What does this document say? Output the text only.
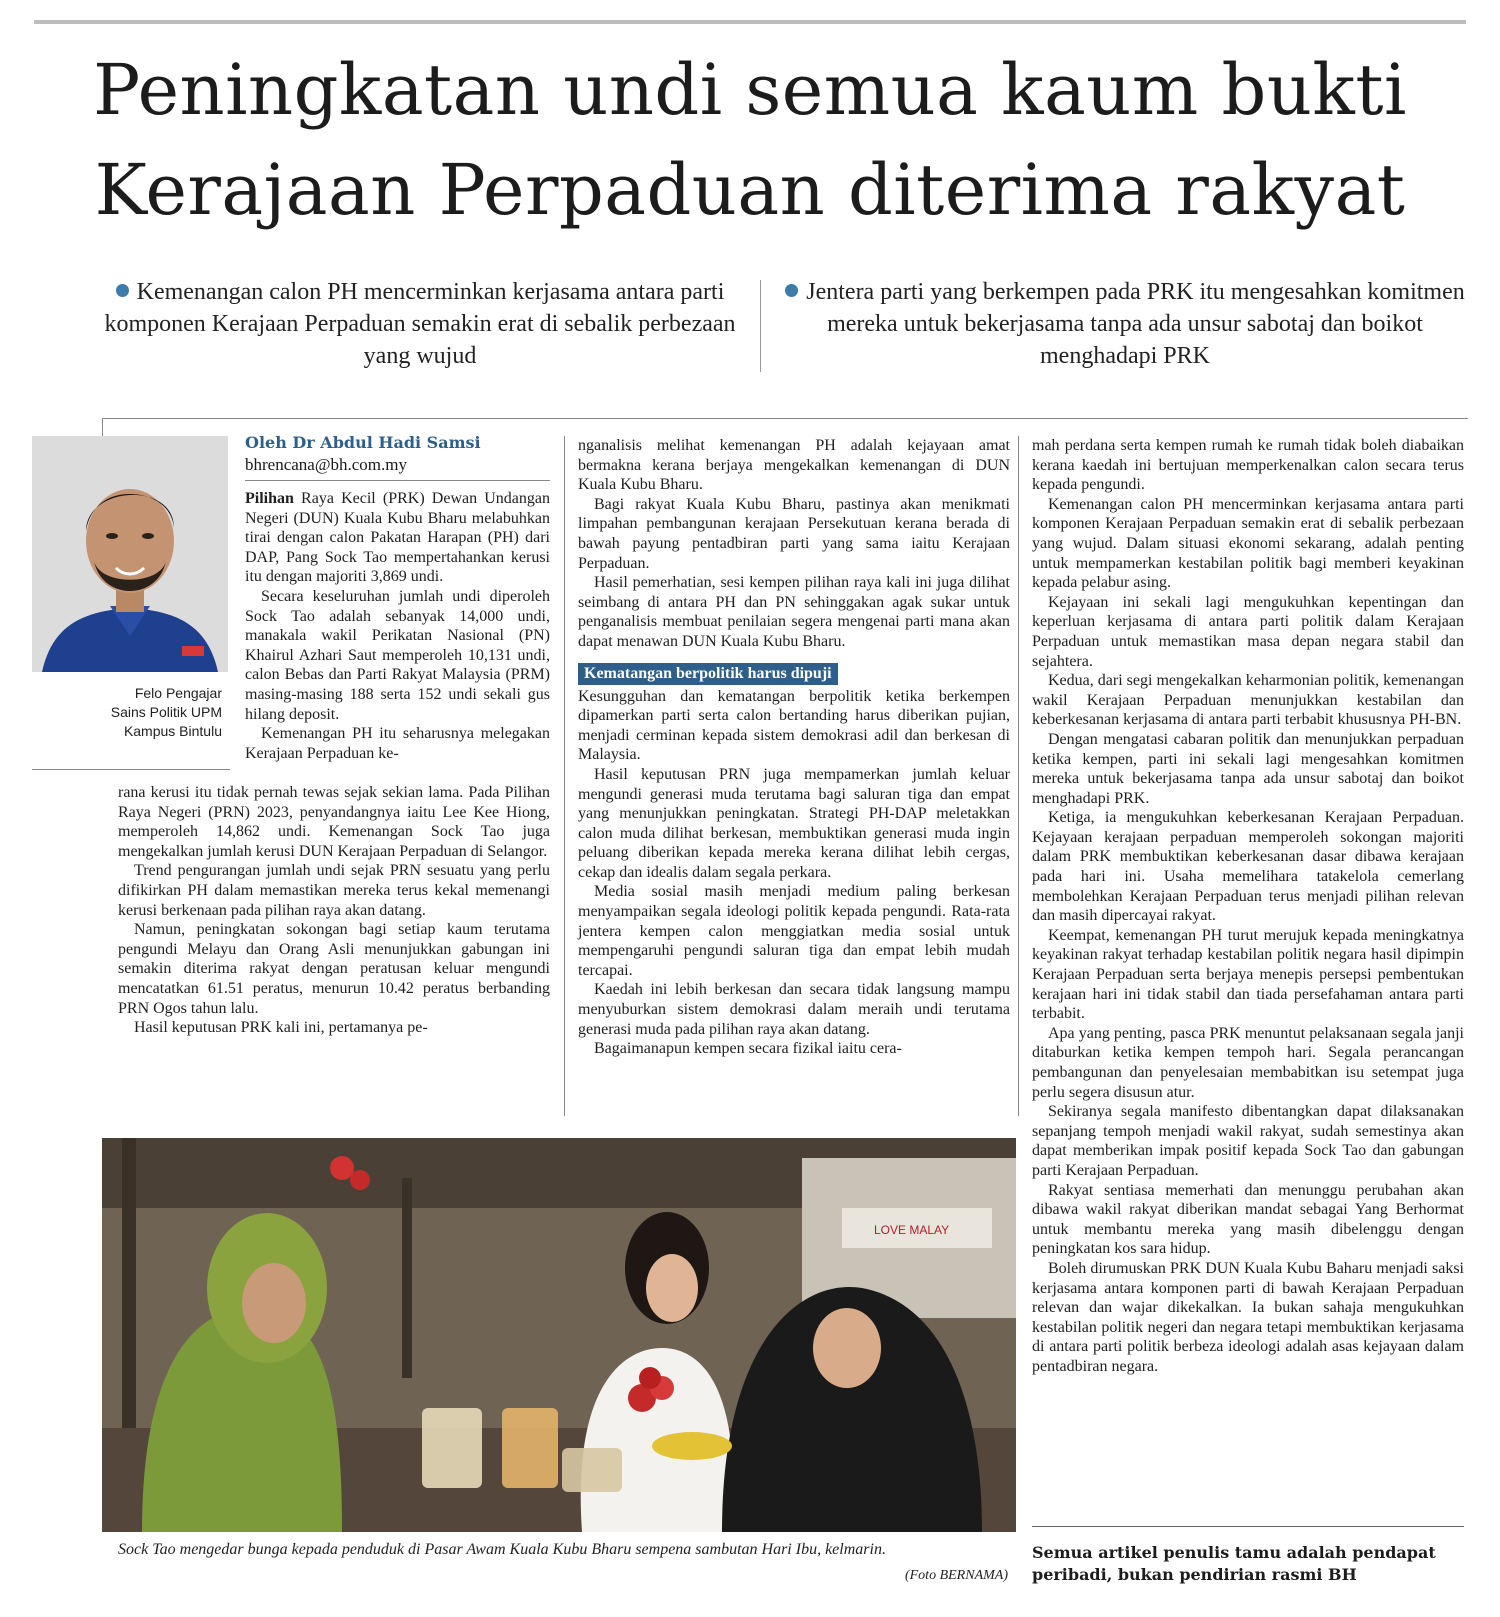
Peningkatan undi semua kaum bukti
Kerajaan Perpaduan diterima rakyat
Kemenangan calon PH mencerminkan kerjasama antara parti komponen Kerajaan Perpaduan semakin erat di sebalik perbezaan yang wujud
Jentera parti yang berkempen pada PRK itu mengesahkan komitmen mereka untuk bekerjasama tanpa ada unsur sabotaj dan boikot menghadapi PRK
Felo Pengajar
Sains Politik UPM
Kampus Bintulu
Oleh Dr Abdul Hadi Samsi
bhrencana@bh.com.my

Pilihan Raya Kecil (PRK) Dewan Undangan Negeri (DUN) Kuala Kubu Bharu melabuhkan tirai dengan calon Pakatan Harapan (PH) dari DAP, Pang Sock Tao mempertahankan kerusi itu dengan majoriti 3,869 undi.

Secara keseluruhan jumlah undi diperoleh Sock Tao adalah sebanyak 14,000 undi, manakala wakil Perikatan Nasional (PN) Khairul Azhari Saut memperoleh 10,131 undi, calon Bebas dan Parti Rakyat Malaysia (PRM) masing-masing 188 serta 152 undi sekali gus hilang deposit.

Kemenangan PH itu seharusnya melegakan Kerajaan Perpaduan ke-

rana kerusi itu tidak pernah tewas sejak sekian lama. Pada Pilihan Raya Negeri (PRN) 2023, penyandangnya iaitu Lee Kee Hiong, memperoleh 14,862 undi. Kemenangan Sock Tao juga mengekalkan jumlah kerusi DUN Kerajaan Perpaduan di Selangor.

Trend pengurangan jumlah undi sejak PRN sesuatu yang perlu difikirkan PH dalam memastikan mereka terus kekal memenangi kerusi berkenaan pada pilihan raya akan datang.

Namun, peningkatan sokongan bagi setiap kaum terutama pengundi Melayu dan Orang Asli menunjukkan gabungan ini semakin diterima rakyat dengan peratusan keluar mengundi mencatatkan 61.51 peratus, menurun 10.42 peratus berbanding PRN Ogos tahun lalu.

Hasil keputusan PRK kali ini, pertamanya pe-

nganalisis melihat kemenangan PH adalah kejayaan amat bermakna kerana berjaya mengekalkan kemenangan di DUN Kuala Kubu Bharu.

Bagi rakyat Kuala Kubu Bharu, pastinya akan menikmati limpahan pembangunan kerajaan Persekutuan kerana berada di bawah payung pentadbiran parti yang sama iaitu Kerajaan Perpaduan.

Hasil pemerhatian, sesi kempen pilihan raya kali ini juga dilihat seimbang di antara PH dan PN sehinggakan agak sukar untuk penganalisis membuat penilaian segera mengenai parti mana akan dapat menawan DUN Kuala Kubu Bharu.

Kematangan berpolitik harus dipuji

Kesungguhan dan kematangan berpolitik ketika berkempen dipamerkan parti serta calon bertanding harus diberikan pujian, menjadi cerminan kepada sistem demokrasi adil dan berkesan di Malaysia.

Hasil keputusan PRN juga mempamerkan jumlah keluar mengundi generasi muda terutama bagi saluran tiga dan empat yang menunjukkan peningkatan. Strategi PH-DAP meletakkan calon muda dilihat berkesan, membuktikan generasi muda ingin peluang diberikan kepada mereka kerana dilihat lebih cergas, cekap dan idealis dalam segala perkara.

Media sosial masih menjadi medium paling berkesan menyampaikan segala ideologi politik kepada pengundi. Rata-rata jentera kempen calon menggiatkan media sosial untuk mempengaruhi pengundi saluran tiga dan empat lebih mudah tercapai.

Kaedah ini lebih berkesan dan secara tidak langsung mampu menyuburkan sistem demokrasi dalam meraih undi terutama generasi muda pada pilihan raya akan datang.

Bagaimanapun kempen secara fizikal iaitu cera-

mah perdana serta kempen rumah ke rumah tidak boleh diabaikan kerana kaedah ini bertujuan memperkenalkan calon secara terus kepada pengundi.

Kemenangan calon PH mencerminkan kerjasama antara parti komponen Kerajaan Perpaduan semakin erat di sebalik perbezaan yang wujud. Dalam situasi ekonomi sekarang, adalah penting untuk mempamerkan kestabilan politik bagi memberi keyakinan kepada pelabur asing.

Kejayaan ini sekali lagi mengukuhkan kepentingan dan keperluan kerjasama di antara parti politik dalam Kerajaan Perpaduan untuk memastikan masa depan negara stabil dan sejahtera.

Kedua, dari segi mengekalkan keharmonian politik, kemenangan wakil Kerajaan Perpaduan menunjukkan kestabilan dan keberkesanan kerjasama di antara parti terbabit khususnya PH-BN.

Dengan mengatasi cabaran politik dan menunjukkan perpaduan ketika kempen, parti ini sekali lagi mengesahkan komitmen mereka untuk bekerjasama tanpa ada unsur sabotaj dan boikot menghadapi PRK.

Ketiga, ia mengukuhkan keberkesanan Kerajaan Perpaduan. Kejayaan kerajaan perpaduan memperoleh sokongan majoriti dalam PRK membuktikan keberkesanan dasar dibawa kerajaan pada hari ini. Usaha memelihara tatakelola cemerlang membolehkan Kerajaan Perpaduan terus menjadi pilihan relevan dan masih dipercayai rakyat.

Keempat, kemenangan PH turut merujuk kepada meningkatnya keyakinan rakyat terhadap kestabilan politik negara hasil dipimpin Kerajaan Perpaduan serta berjaya menepis persepsi pembentukan kerajaan hari ini tidak stabil dan tiada persefahaman antara parti terbabit.

Apa yang penting, pasca PRK menuntut pelaksanaan segala janji ditaburkan ketika kempen tempoh hari. Segala perancangan pembangunan dan penyelesaian membabitkan isu setempat juga perlu segera disusun atur.

Sekiranya segala manifesto dibentangkan dapat dilaksanakan sepanjang tempoh menjadi wakil rakyat, sudah semestinya akan dapat memberikan impak positif kepada Sock Tao dan gabungan parti Kerajaan Perpaduan.

Rakyat sentiasa memerhati dan menunggu perubahan akan dibawa wakil rakyat diberikan mandat sebagai Yang Berhormat untuk membantu mereka yang masih dibelenggu dengan peningkatan kos sara hidup.

Boleh dirumuskan PRK DUN Kuala Kubu Baharu menjadi saksi kerjasama antara komponen parti di bawah Kerajaan Perpaduan relevan dan wajar dikekalkan. Ia bukan sahaja mengukuhkan kestabilan politik negeri dan negara tetapi membuktikan kerjasama di antara parti politik berbeza ideologi adalah asas kejayaan dalam pentadbiran negara.

LOVE MALAY
Sock Tao mengedar bunga kepada penduduk di Pasar Awam Kuala Kubu Bharu sempena sambutan Hari Ibu, kelmarin.
(Foto BERNAMA)
Semua artikel penulis tamu adalah pendapat peribadi, bukan pendirian rasmi BH
